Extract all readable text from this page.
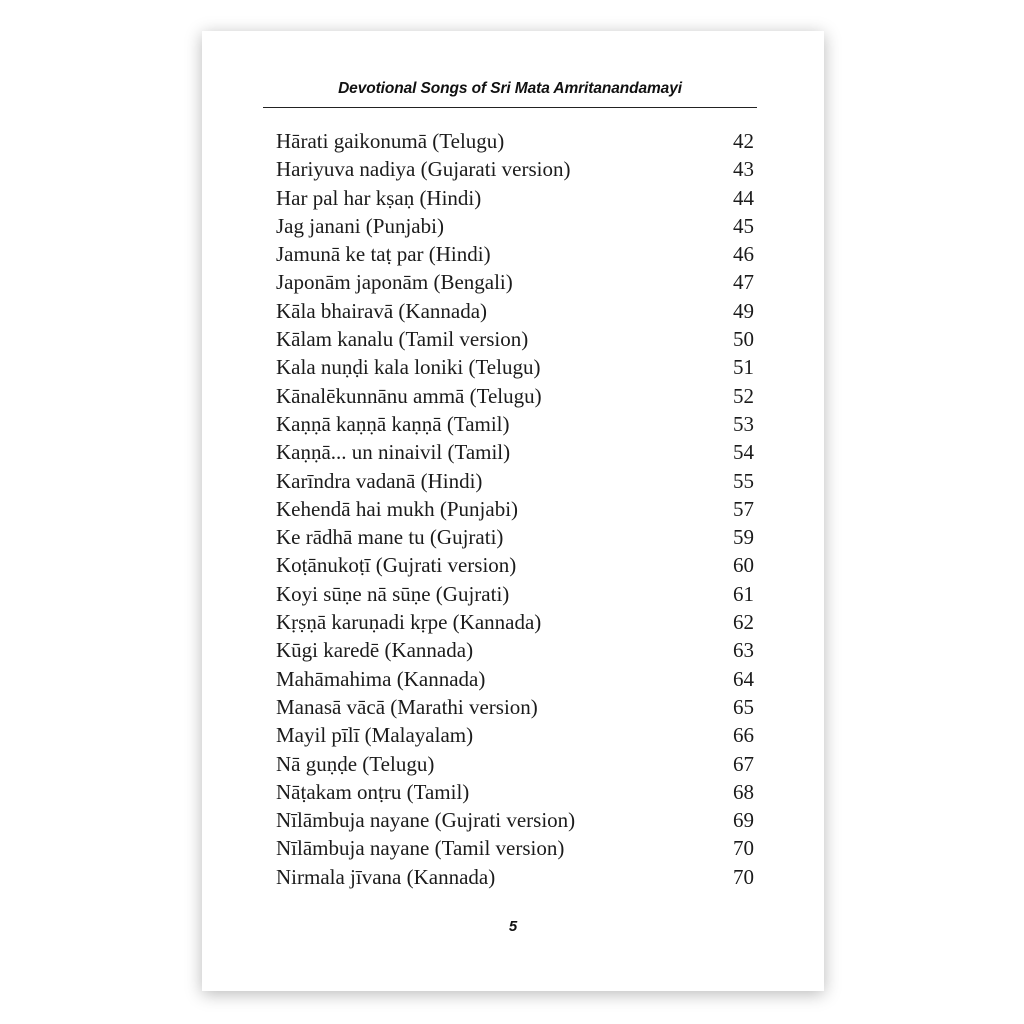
Devotional Songs of Sri Mata Amritanandamayi
Hārati gaikonumā (Telugu)	42
Hariyuva nadiya (Gujarati version)	43
Har pal har kṣaṇ (Hindi)	44
Jag janani (Punjabi)	45
Jamunā ke taṭ par (Hindi)	46
Japonām japonām (Bengali)	47
Kāla bhairavā (Kannada)	49
Kālam kanalu (Tamil version)	50
Kala nuṇḍi kala loniki (Telugu)	51
Kānalēkunnānu ammā (Telugu)	52
Kaṇṇā kaṇṇā kaṇṇā (Tamil)	53
Kaṇṇā... un ninaivil (Tamil)	54
Karīndra vadanā (Hindi)	55
Kehendā hai mukh (Punjabi)	57
Ke rādhā mane tu (Gujrati)	59
Koṭānukoṭī (Gujrati version)	60
Koyi sūṇe nā sūṇe (Gujrati)	61
Kṛṣṇā karuṇadi kṛpe (Kannada)	62
Kūgi karedē (Kannada)	63
Mahāmahima (Kannada)	64
Manasā vācā (Marathi version)	65
Mayil pīlī (Malayalam)	66
Nā guṇḍe (Telugu)	67
Nāṭakam onṭru (Tamil)	68
Nīlāmbuja nayane (Gujrati version)	69
Nīlāmbuja nayane (Tamil version)	70
Nirmala jīvana (Kannada)	70
5
